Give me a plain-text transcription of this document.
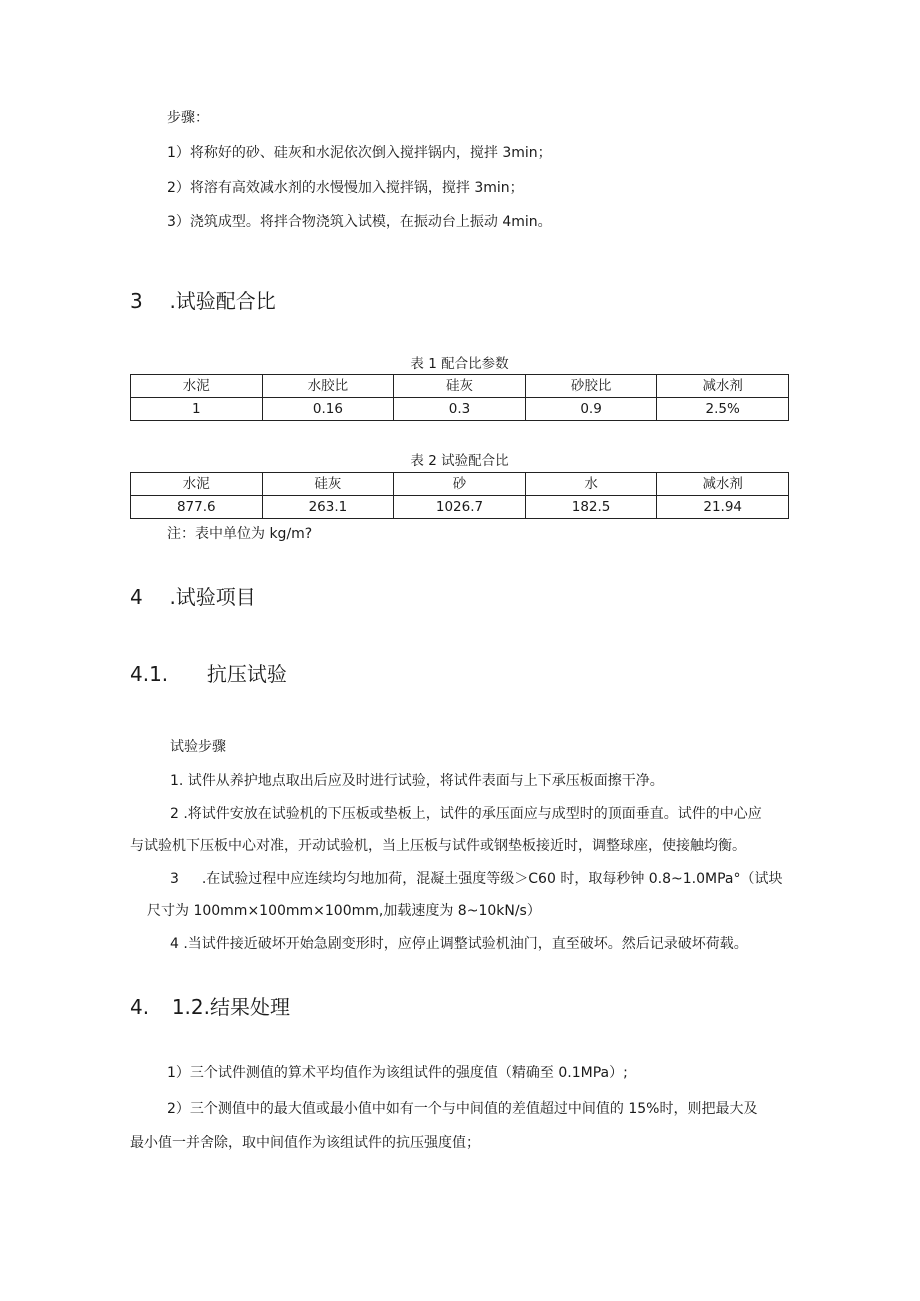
步骤：
1）将称好的砂、硅灰和水泥依次倒入搅拌锅内，搅拌 3min；
2）将溶有高效减水剂的水慢慢加入搅拌锅，搅拌 3min；
3）浇筑成型。将拌合物浇筑入试模，在振动台上振动 4min。
3 .试验配合比
表 1 配合比参数
水泥	水胶比	硅灰	砂胶比	减水剂
1	0.16	0.3	0.9	2.5%
表 2 试验配合比
水泥	硅灰	砂	水	减水剂
877.6	263.1	1026.7	182.5	21.94
注：表中单位为 kg∕m?
4 .试验项目
4.1. 抗压试验
试验步骤
1. 试件从养护地点取出后应及时进行试验，将试件表面与上下承压板面擦干净。
2 .将试件安放在试验机的下压板或垫板上，试件的承压面应与成型时的顶面垂直。试件的中心应
与试验机下压板中心对准，开动试验机，当上压板与试件或钢垫板接近时，调整球座，使接触均衡。
3 .在试验过程中应连续均匀地加荷，混凝土强度等级＞C60 时，取每秒钟 0.8~1.0MPa°（试块
尺寸为 100mm×100mm×100mm,加载速度为 8~10kN∕s）
4 .当试件接近破坏开始急剧变形时，应停止调整试验机油门，直至破坏。然后记录破坏荷载。
4. 1.2.结果处理
1）三个试件测值的算术平均值作为该组试件的强度值（精确至 0.1MPa）;
2）三个测值中的最大值或最小值中如有一个与中间值的差值超过中间值的 15%时，则把最大及
最小值一并舍除，取中间值作为该组试件的抗压强度值；
